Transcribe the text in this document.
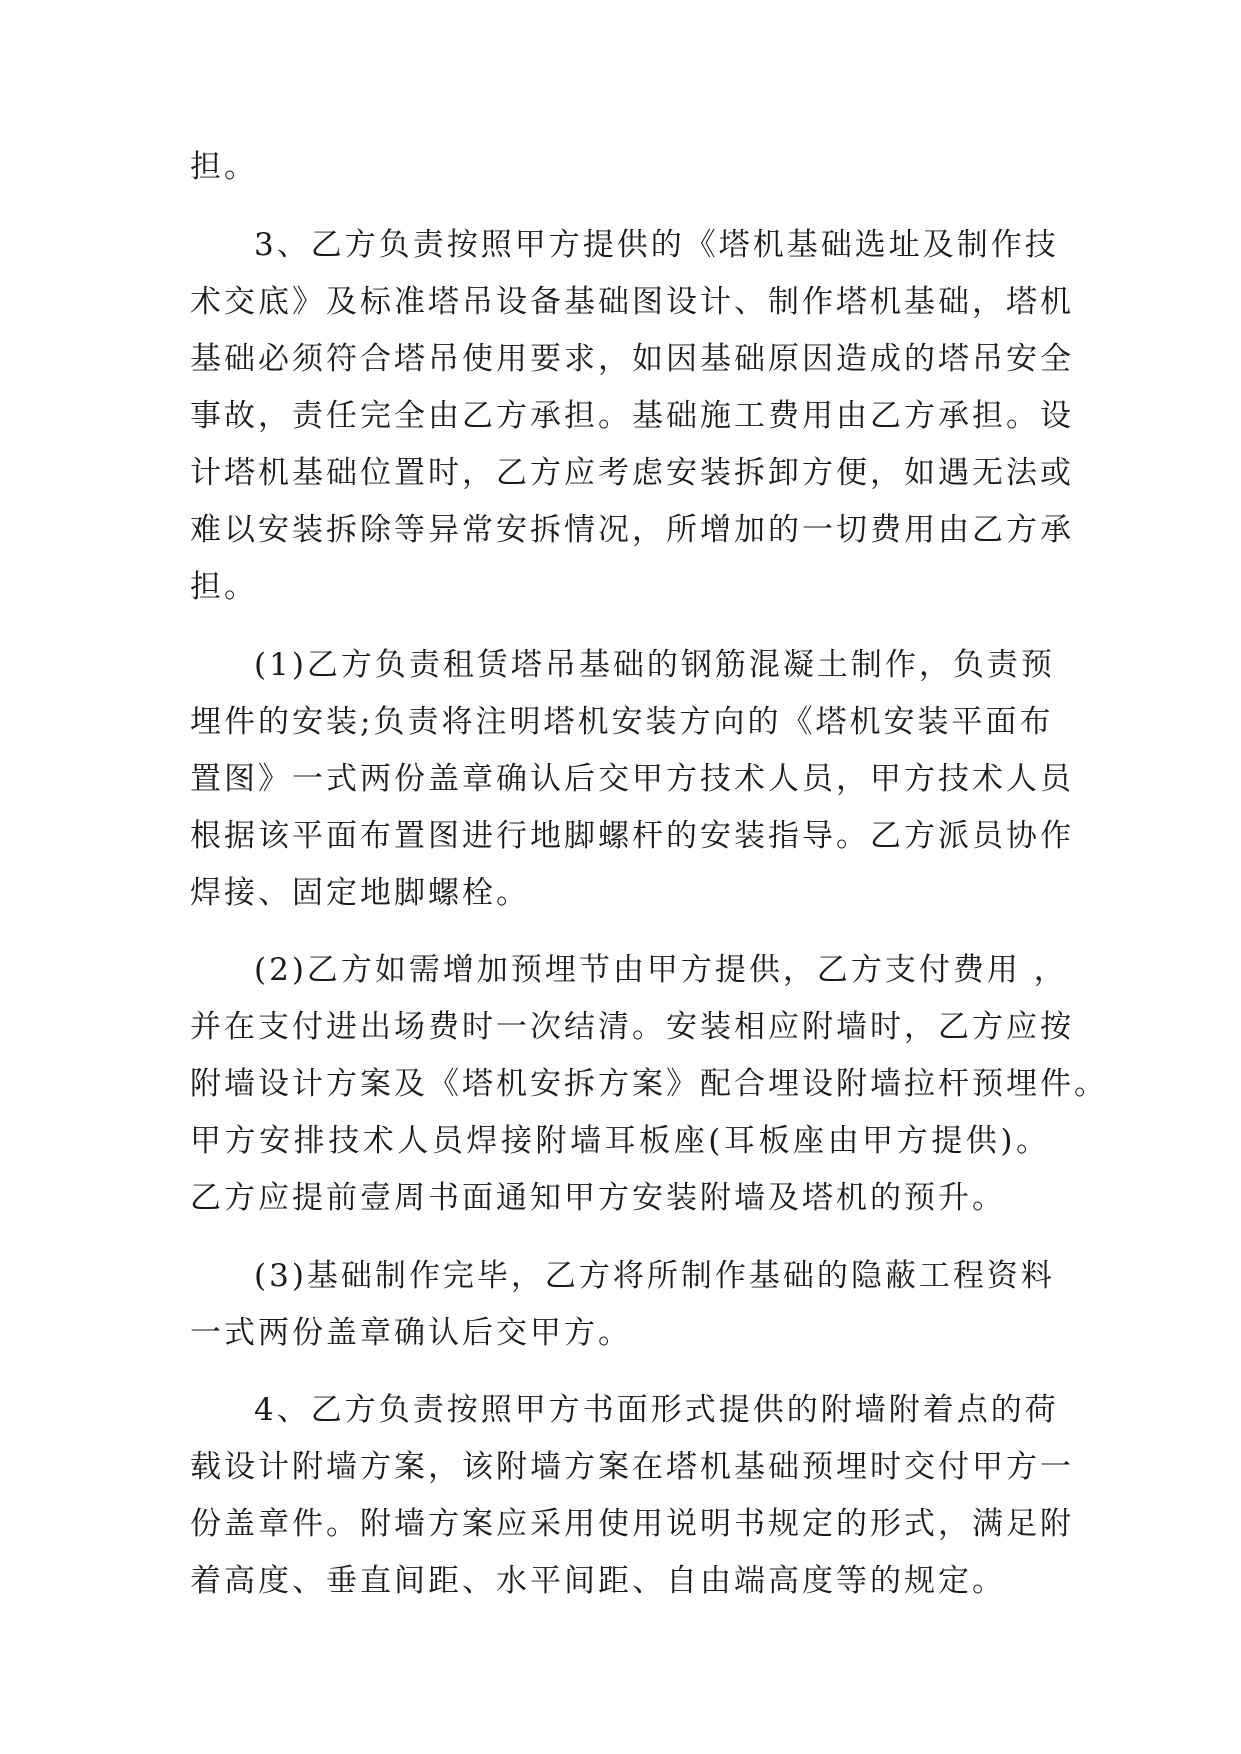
担。
3、乙方负责按照甲方提供的《塔机基础选址及制作技
术交底》及标准塔吊设备基础图设计、制作塔机基础，塔机
基础必须符合塔吊使用要求，如因基础原因造成的塔吊安全
事故，责任完全由乙方承担。基础施工费用由乙方承担。设
计塔机基础位置时，乙方应考虑安装拆卸方便，如遇无法或
难以安装拆除等异常安拆情况，所增加的一切费用由乙方承
担。
(1)乙方负责租赁塔吊基础的钢筋混凝土制作，负责预
埋件的安装;负责将注明塔机安装方向的《塔机安装平面布
置图》一式两份盖章确认后交甲方技术人员，甲方技术人员
根据该平面布置图进行地脚螺杆的安装指导。乙方派员协作
焊接、固定地脚螺栓。
(2)乙方如需增加预埋节由甲方提供，乙方支付费用 ，
并在支付进出场费时一次结清。安装相应附墙时，乙方应按
附墙设计方案及《塔机安拆方案》配合埋设附墙拉杆预埋件。
甲方安排技术人员焊接附墙耳板座(耳板座由甲方提供)。
乙方应提前壹周书面通知甲方安装附墙及塔机的预升。
(3)基础制作完毕，乙方将所制作基础的隐蔽工程资料
一式两份盖章确认后交甲方。
4、乙方负责按照甲方书面形式提供的附墙附着点的荷
载设计附墙方案，该附墙方案在塔机基础预埋时交付甲方一
份盖章件。附墙方案应采用使用说明书规定的形式，满足附
着高度、垂直间距、水平间距、自由端高度等的规定。
